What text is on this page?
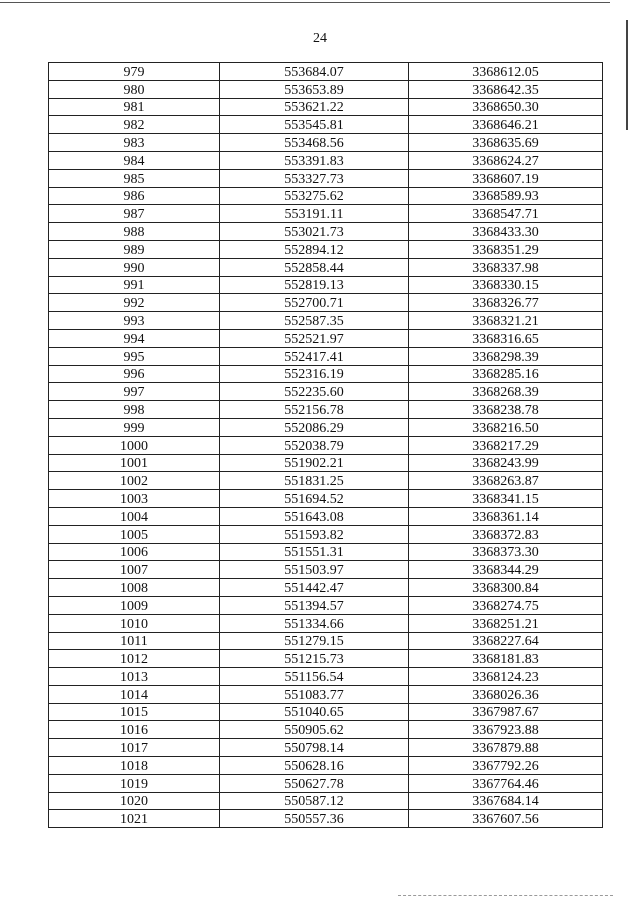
24
979	553684.07	3368612.05
980	553653.89	3368642.35
981	553621.22	3368650.30
982	553545.81	3368646.21
983	553468.56	3368635.69
984	553391.83	3368624.27
985	553327.73	3368607.19
986	553275.62	3368589.93
987	553191.11	3368547.71
988	553021.73	3368433.30
989	552894.12	3368351.29
990	552858.44	3368337.98
991	552819.13	3368330.15
992	552700.71	3368326.77
993	552587.35	3368321.21
994	552521.97	3368316.65
995	552417.41	3368298.39
996	552316.19	3368285.16
997	552235.60	3368268.39
998	552156.78	3368238.78
999	552086.29	3368216.50
1000	552038.79	3368217.29
1001	551902.21	3368243.99
1002	551831.25	3368263.87
1003	551694.52	3368341.15
1004	551643.08	3368361.14
1005	551593.82	3368372.83
1006	551551.31	3368373.30
1007	551503.97	3368344.29
1008	551442.47	3368300.84
1009	551394.57	3368274.75
1010	551334.66	3368251.21
1011	551279.15	3368227.64
1012	551215.73	3368181.83
1013	551156.54	3368124.23
1014	551083.77	3368026.36
1015	551040.65	3367987.67
1016	550905.62	3367923.88
1017	550798.14	3367879.88
1018	550628.16	3367792.26
1019	550627.78	3367764.46
1020	550587.12	3367684.14
1021	550557.36	3367607.56
